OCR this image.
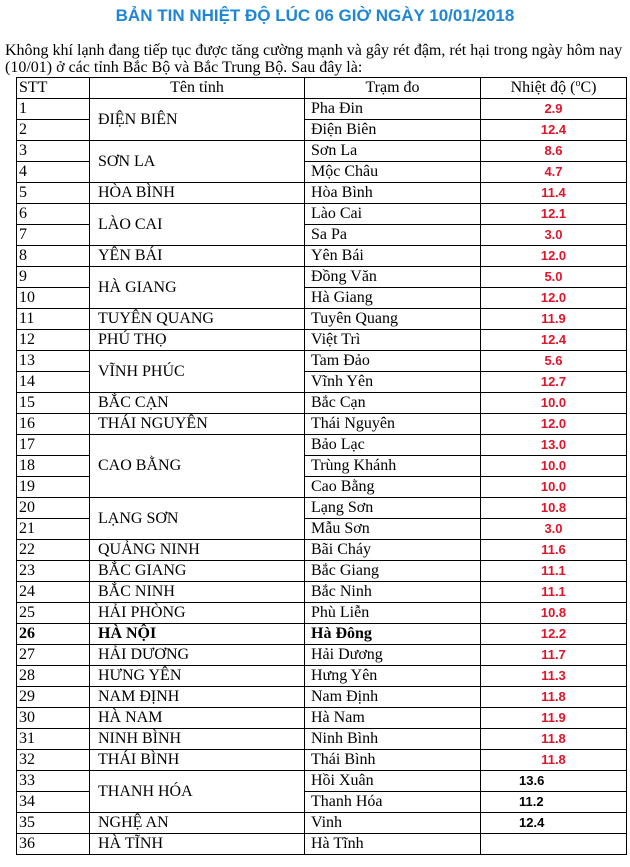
BẢN TIN NHIỆT ĐỘ LÚC 06 GIỜ NGÀY 10/01/2018
Không khí lạnh đang tiếp tục được tăng cường mạnh và gây rét đậm, rét hại trong ngày hôm nay (10/01) ở các tỉnh Bắc Bộ và Bắc Trung Bộ. Sau đây là:
STT	Tên tỉnh	Trạm đo	Nhiệt độ ($^o$C)
1	ĐIỆN BIÊN	Pha Đin	2.9
2		Điện Biên	12.4
3	SƠN LA	Sơn La	8.6
4		Mộc Châu	4.7
5	HÒA BÌNH	Hòa Bình	11.4
6	LÀO CAI	Lào Cai	12.1
7		Sa Pa	3.0
8	YÊN BÁI	Yên Bái	12.0
9	HÀ GIANG	Đồng Văn	5.0
10		Hà Giang	12.0
11	TUYÊN QUANG	Tuyên Quang	11.9
12	PHÚ THỌ	Việt Trì	12.4
13	VĨNH PHÚC	Tam Đảo	5.6
14		Vĩnh Yên	12.7
15	BẮC CẠN	Bắc Cạn	10.0
16	THÁI NGUYÊN	Thái Nguyên	12.0
17	CAO BẰNG	Bảo Lạc	13.0
18		Trùng Khánh	10.0
19		Cao Bằng	10.0
20	LẠNG SƠN	Lạng Sơn	10.8
21		Mẫu Sơn	3.0
22	QUẢNG NINH	Bãi Cháy	11.6
23	BẮC GIANG	Bắc Giang	11.1
24	BẮC NINH	Bắc Ninh	11.1
25	HẢI PHÒNG	Phù Liễn	10.8
26	HÀ NỘI	Hà Đông	12.2
27	HẢI DƯƠNG	Hải Dương	11.7
28	HƯNG YÊN	Hưng Yên	11.3
29	NAM ĐỊNH	Nam Định	11.8
30	HÀ NAM	Hà Nam	11.9
31	NINH BÌNH	Ninh Bình	11.8
32	THÁI BÌNH	Thái Bình	11.8
33	THANH HÓA	Hồi Xuân	13.6
34		Thanh Hóa	11.2
35	NGHỆ AN	Vinh	12.4
36	HÀ TĨNH	Hà Tĩnh	
